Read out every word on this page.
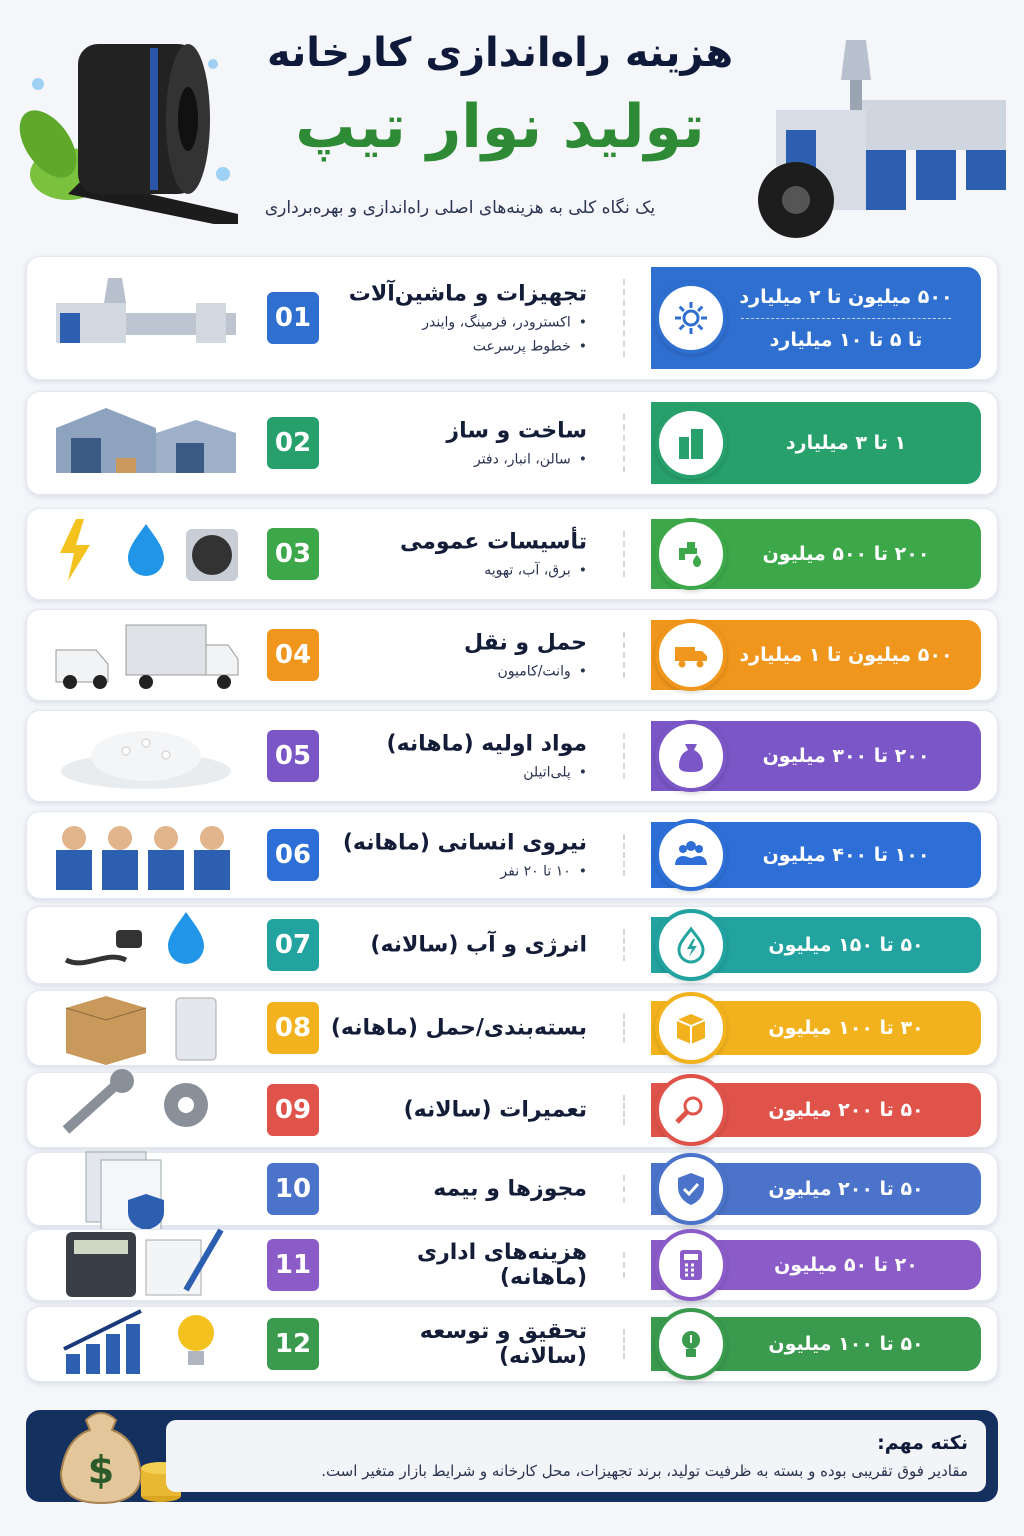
هزینه راه‌اندازی کارخانه
تولید نوار تیپ
یک نگاه کلی به هزینه‌های اصلی راه‌اندازی و بهره‌برداری
۵۰۰ میلیون تا ۲ میلیارد
تا ۵ تا ۱۰ میلیارد
تجهیزات و ماشین‌آلات
• اکسترودر، فرمینگ، وایندر
• خطوط پرسرعت
01
۱ تا ۳ میلیارد
ساخت و ساز
• سالن، انبار، دفتر
02
۲۰۰ تا ۵۰۰ میلیون
تأسیسات عمومی
• برق، آب، تهویه
03
۵۰۰ میلیون تا ۱ میلیارد
حمل و نقل
• وانت/کامیون
04
۲۰۰ تا ۳۰۰ میلیون
مواد اولیه (ماهانه)
• پلی‌اتیلن
05
۱۰۰ تا ۴۰۰ میلیون
نیروی انسانی (ماهانه)
• ۱۰ تا ۲۰ نفر
06
۵۰ تا ۱۵۰ میلیون
انرژی و آب (سالانه)
07
۳۰ تا ۱۰۰ میلیون
بسته‌بندی/حمل (ماهانه)
08
۵۰ تا ۲۰۰ میلیون
تعمیرات (سالانه)
09
۵۰ تا ۲۰۰ میلیون
مجوزها و بیمه
10
۲۰ تا ۵۰ میلیون
هزینه‌های اداری (ماهانه)
11
۵۰ تا ۱۰۰ میلیون
تحقیق و توسعه (سالانه)
12
$
نکته مهم:
مقادیر فوق تقریبی بوده و بسته به ظرفیت تولید، برند تجهیزات، محل کارخانه و شرایط بازار متغیر است.
